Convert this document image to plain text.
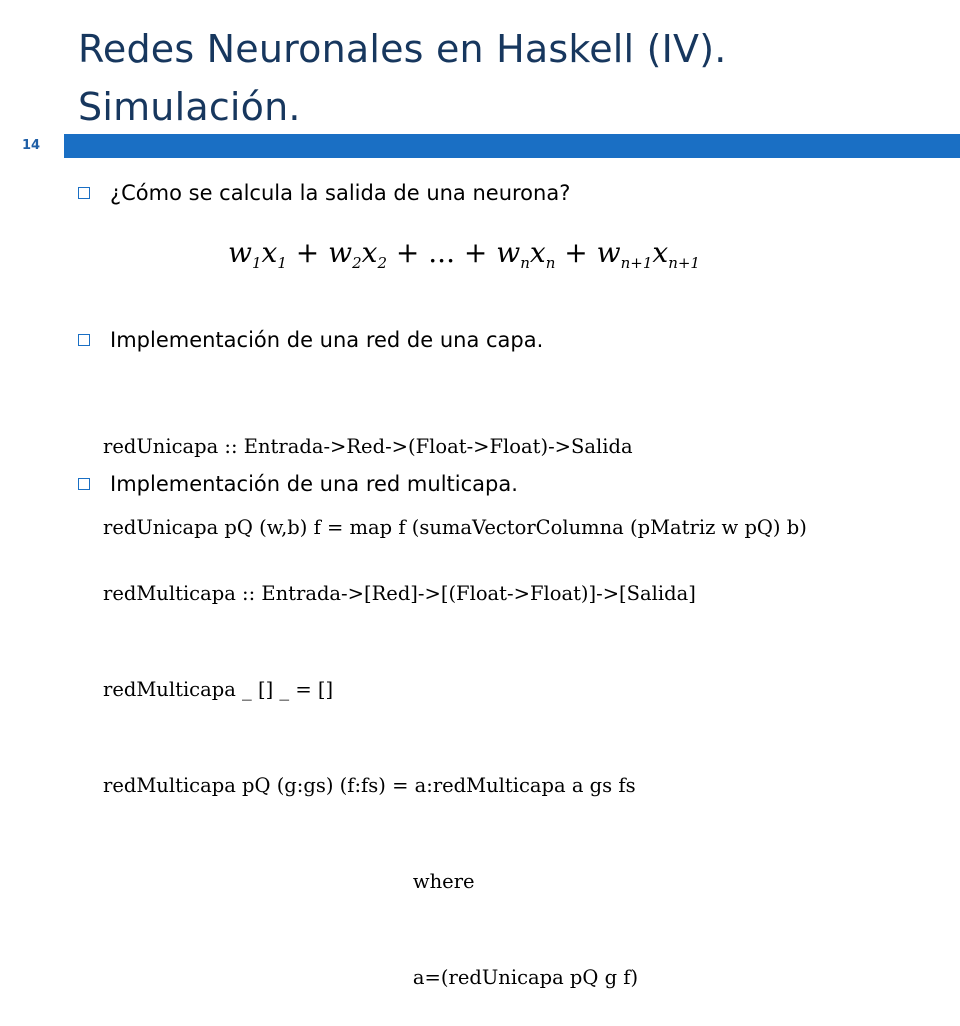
Redes Neuronales en Haskell (IV).
Simulación.
14
¿Cómo se calcula la salida de una neurona?
$w_1x_1 + w_2x_2$ + ... + $w_nx_n + w_{n+1}x_{n+1}$
Implementación de una red de una capa.

redUnicapa :: Entrada->Red->(Float->Float)->Salida

redUnicapa pQ (w,b) f = map f (sumaVectorColumna (pMatriz w pQ) b)

Implementación de una red multicapa.

redMulticapa :: Entrada->[Red]->[(Float->Float)]->[Salida]

redMulticapa _ [] _ = []

redMulticapa pQ (g:gs) (f:fs) = a:redMulticapa a gs fs

where

a=(redUnicapa pQ g f)
